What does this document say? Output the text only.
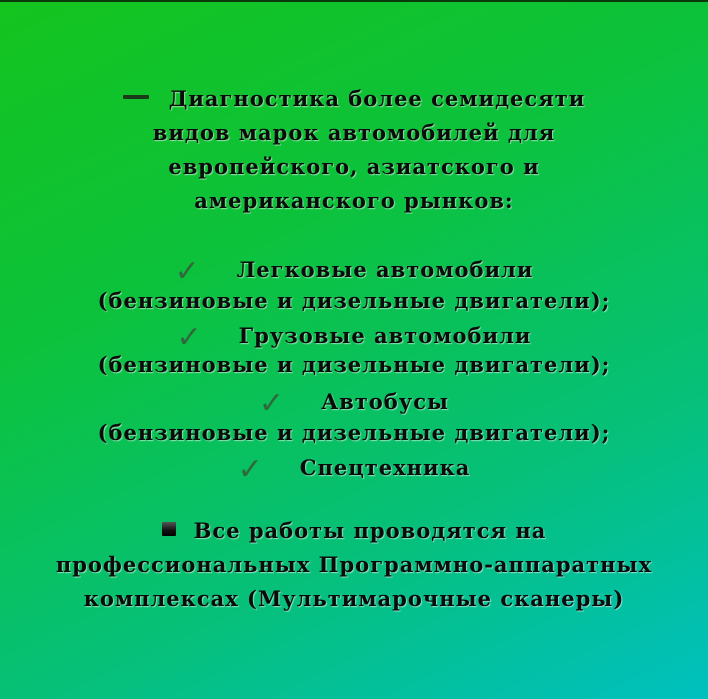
Диагностика более семидесяти
видов марок автомобилей для
европейского, азиатского и
американского рынков:
✓ Легковые автомобили
(бензиновые и дизельные двигатели);
✓ Грузовые автомобили
(бензиновые и дизельные двигатели);
✓ Автобусы
(бензиновые и дизельные двигатели);
✓ Спецтехника
Все работы проводятся на
профессиональных Программно-аппаратных
комплексах (Мультимарочные сканеры)
